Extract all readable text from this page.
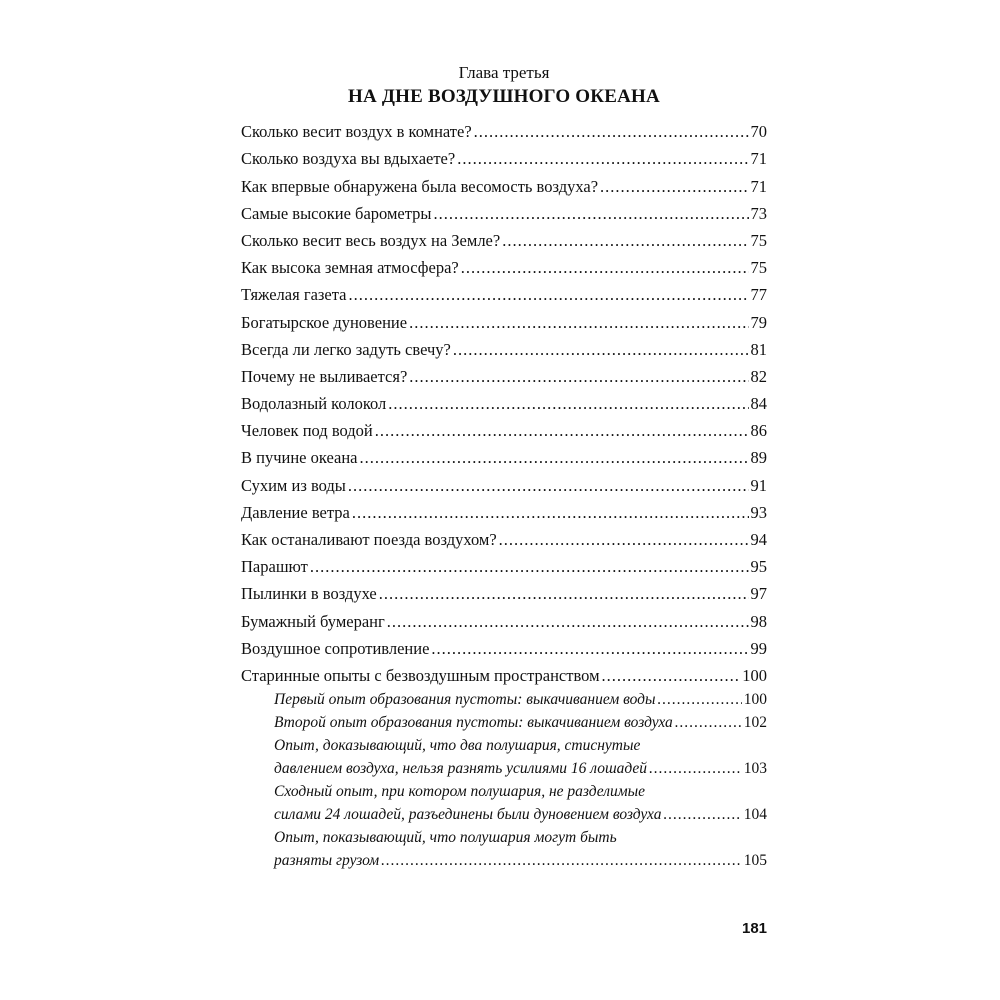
Глава третья

НА ДНЕ ВОЗДУШНОГО ОКЕАНА

Сколько весит воздух в комнате? .....	70
Сколько воздуха вы вдыхаете? .....	71
Как впервые обнаружена была весомость воздуха? .....	71
Самые высокие барометры .....	73
Сколько весит весь воздух на Земле? .....	75
Как высока земная атмосфера? .....	75
Тяжелая газета .....	77
Богатырское дуновение .....	79
Всегда ли легко задуть свечу? .....	81
Почему не выливается? .....	82
Водолазный колокол .....	84
Человек под водой .....	86
В пучине океана .....	89
Сухим из воды .....	91
Давление ветра .....	93
Как останаливают поезда воздухом? .....	94
Парашют .....	95
Пылинки в воздухе .....	97
Бумажный бумеранг .....	98
Воздушное сопротивление .....	99
Старинные опыты с безвоздушным пространством .....	100
Первый опыт образования пустоты: выкачиванием воды .....	100
Второй опыт образования пустоты: выкачиванием воздуха .....	102
Опыт, доказывающий, что два полушария, стиснутые
давлением воздуха, нельзя разнять усилиями 16 лошадей .....	103
Сходный опыт, при котором полушария, не разделимые
силами 24 лошадей, разъединены были дуновением воздуха .....	104
Опыт, показывающий, что полушария могут быть
разняты грузом .....	105
181
